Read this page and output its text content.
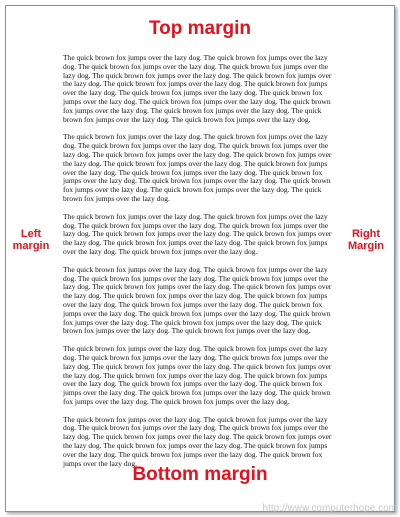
Top margin
Left
margin
Right
Margin

The quick brown fox jumps over the lazy dog. The quick brown fox jumps over the lazy dog. The quick brown fox jumps over the lazy dog. The quick brown fox jumps over the lazy dog. The quick brown fox jumps over the lazy dog. The quick brown fox jumps over the lazy dog. The quick brown fox jumps over the lazy dog. The quick brown fox jumps over the lazy dog. The quick brown fox jumps over the lazy dog. The quick brown fox jumps over the lazy dog. The quick brown fox jumps over the lazy dog. The quick brown fox jumps over the lazy dog. The quick brown fox jumps over the lazy dog. The quick brown fox jumps over the lazy dog. The quick brown fox jumps over the lazy dog.

The quick brown fox jumps over the lazy dog. The quick brown fox jumps over the lazy dog. The quick brown fox jumps over the lazy dog. The quick brown fox jumps over the lazy dog. The quick brown fox jumps over the lazy dog. The quick brown fox jumps over the lazy dog. The quick brown fox jumps over the lazy dog. The quick brown fox jumps over the lazy dog. The quick brown fox jumps over the lazy dog. The quick brown fox jumps over the lazy dog. The quick brown fox jumps over the lazy dog. The quick brown fox jumps over the lazy dog. The quick brown fox jumps over the lazy dog. The quick brown fox jumps over the lazy dog.

The quick brown fox jumps over the lazy dog. The quick brown fox jumps over the lazy dog. The quick brown fox jumps over the lazy dog. The quick brown fox jumps over the lazy dog. The quick brown fox jumps over the lazy dog. The quick brown fox jumps over the lazy dog. The quick brown fox jumps over the lazy dog. The quick brown fox jumps over the lazy dog. The quick brown fox jumps over the lazy dog.

The quick brown fox jumps over the lazy dog. The quick brown fox jumps over the lazy dog. The quick brown fox jumps over the lazy dog. The quick brown fox jumps over the lazy dog. The quick brown fox jumps over the lazy dog. The quick brown fox jumps over the lazy dog. The quick brown fox jumps over the lazy dog. The quick brown fox jumps over the lazy dog. The quick brown fox jumps over the lazy dog. The quick brown fox jumps over the lazy dog. The quick brown fox jumps over the lazy dog. The quick brown fox jumps over the lazy dog. The quick brown fox jumps over the lazy dog. The quick brown fox jumps over the lazy dog. The quick brown fox jumps over the lazy dog.

The quick brown fox jumps over the lazy dog. The quick brown fox jumps over the lazy dog. The quick brown fox jumps over the lazy dog. The quick brown fox jumps over the lazy dog. The quick brown fox jumps over the lazy dog. The quick brown fox jumps over the lazy dog. The quick brown fox jumps over the lazy dog. The quick brown fox jumps over the lazy dog. The quick brown fox jumps over the lazy dog. The quick brown fox jumps over the lazy dog. The quick brown fox jumps over the lazy dog. The quick brown fox jumps over the lazy dog. The quick brown fox jumps over the lazy dog.

The quick brown fox jumps over the lazy dog. The quick brown fox jumps over the lazy dog. The quick brown fox jumps over the lazy dog. The quick brown fox jumps over the lazy dog. The quick brown fox jumps over the lazy dog. The quick brown fox jumps over the lazy dog. The quick brown fox jumps over the lazy dog. The quick brown fox jumps over the lazy dog. The quick brown fox jumps over the lazy dog. The quick brown fox jumps over the lazy dog.

Bottom margin
http://www.computerhope.com
